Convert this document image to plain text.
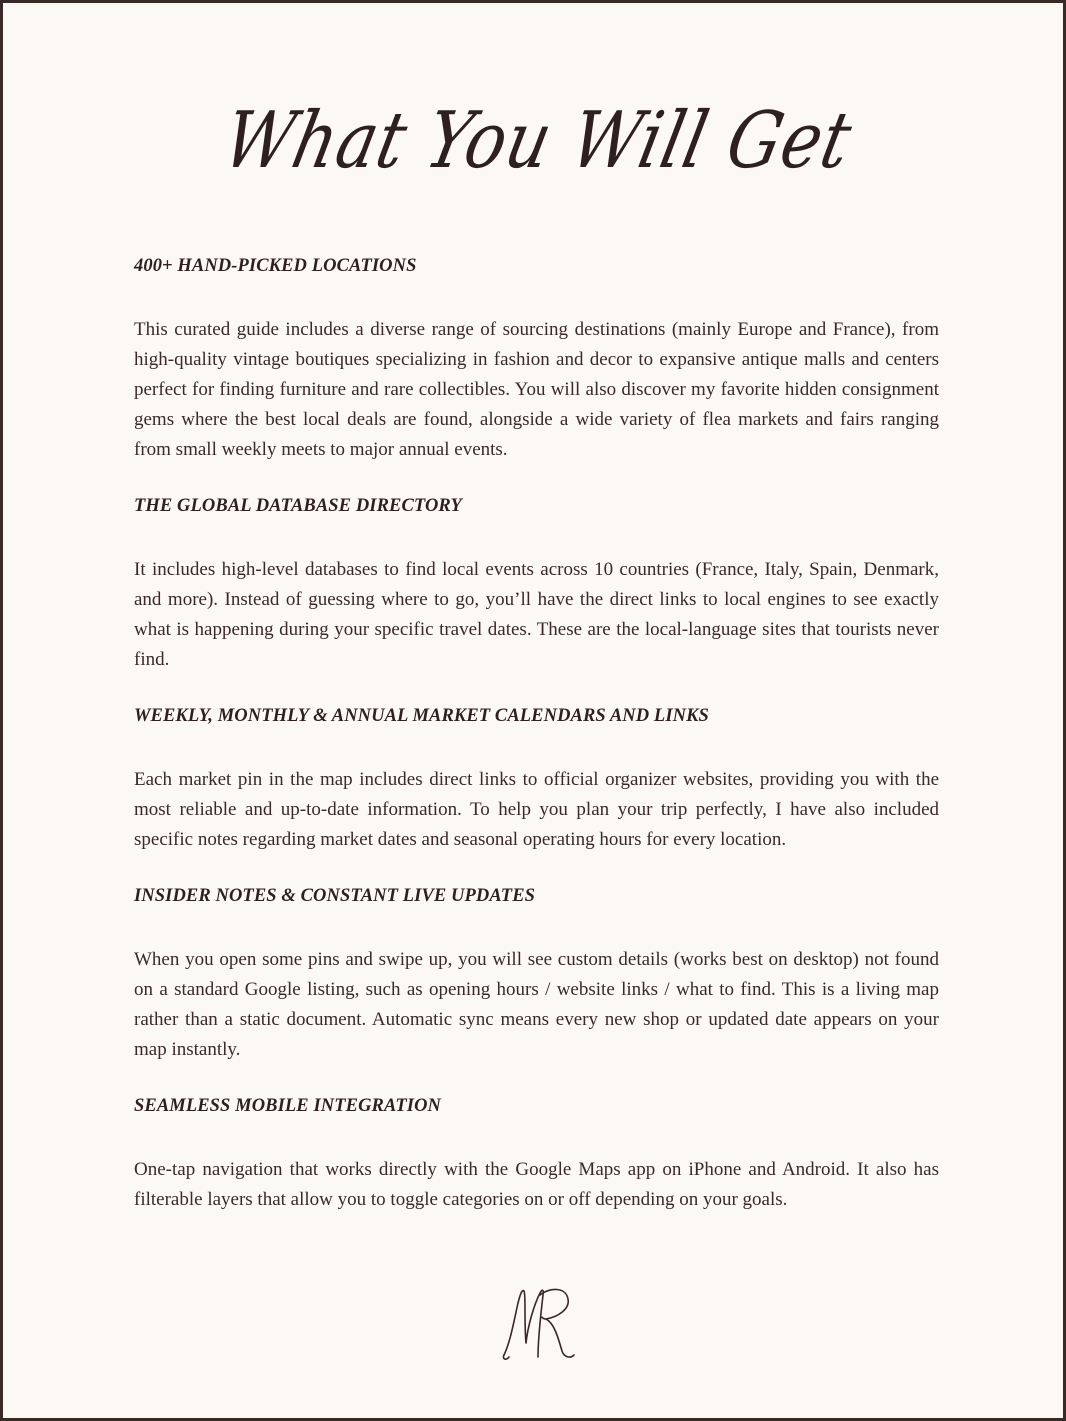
What You Will Get
400+ HAND-PICKED LOCATIONS

This curated guide includes a diverse range of sourcing destinations (mainly Europe and France), from high-quality vintage boutiques specializing in fashion and decor to expansive antique malls and centers perfect for finding furniture and rare collectibles. You will also discover my favorite hidden consignment gems where the best local deals are found, alongside a wide variety of flea markets and fairs ranging from small weekly meets to major annual events.

THE GLOBAL DATABASE DIRECTORY

It includes high-level databases to find local events across 10 countries (France, Italy, Spain, Denmark, and more). Instead of guessing where to go, you’ll have the direct links to local engines to see exactly what is happening during your specific travel dates. These are the local-language sites that tourists never find.

WEEKLY, MONTHLY & ANNUAL MARKET CALENDARS AND LINKS

Each market pin in the map includes direct links to official organizer websites, providing you with the most reliable and up-to-date information. To help you plan your trip perfectly, I have also included specific notes regarding market dates and seasonal operating hours for every location.

INSIDER NOTES & CONSTANT LIVE UPDATES

When you open some pins and swipe up, you will see custom details (works best on desktop) not found on a standard Google listing, such as opening hours / website links / what to find. This is a living map rather than a static document. Automatic sync means every new shop or updated date appears on your map instantly.

SEAMLESS MOBILE INTEGRATION

One-tap navigation that works directly with the Google Maps app on iPhone and Android. It also has filterable layers that allow you to toggle categories on or off depending on your goals.
